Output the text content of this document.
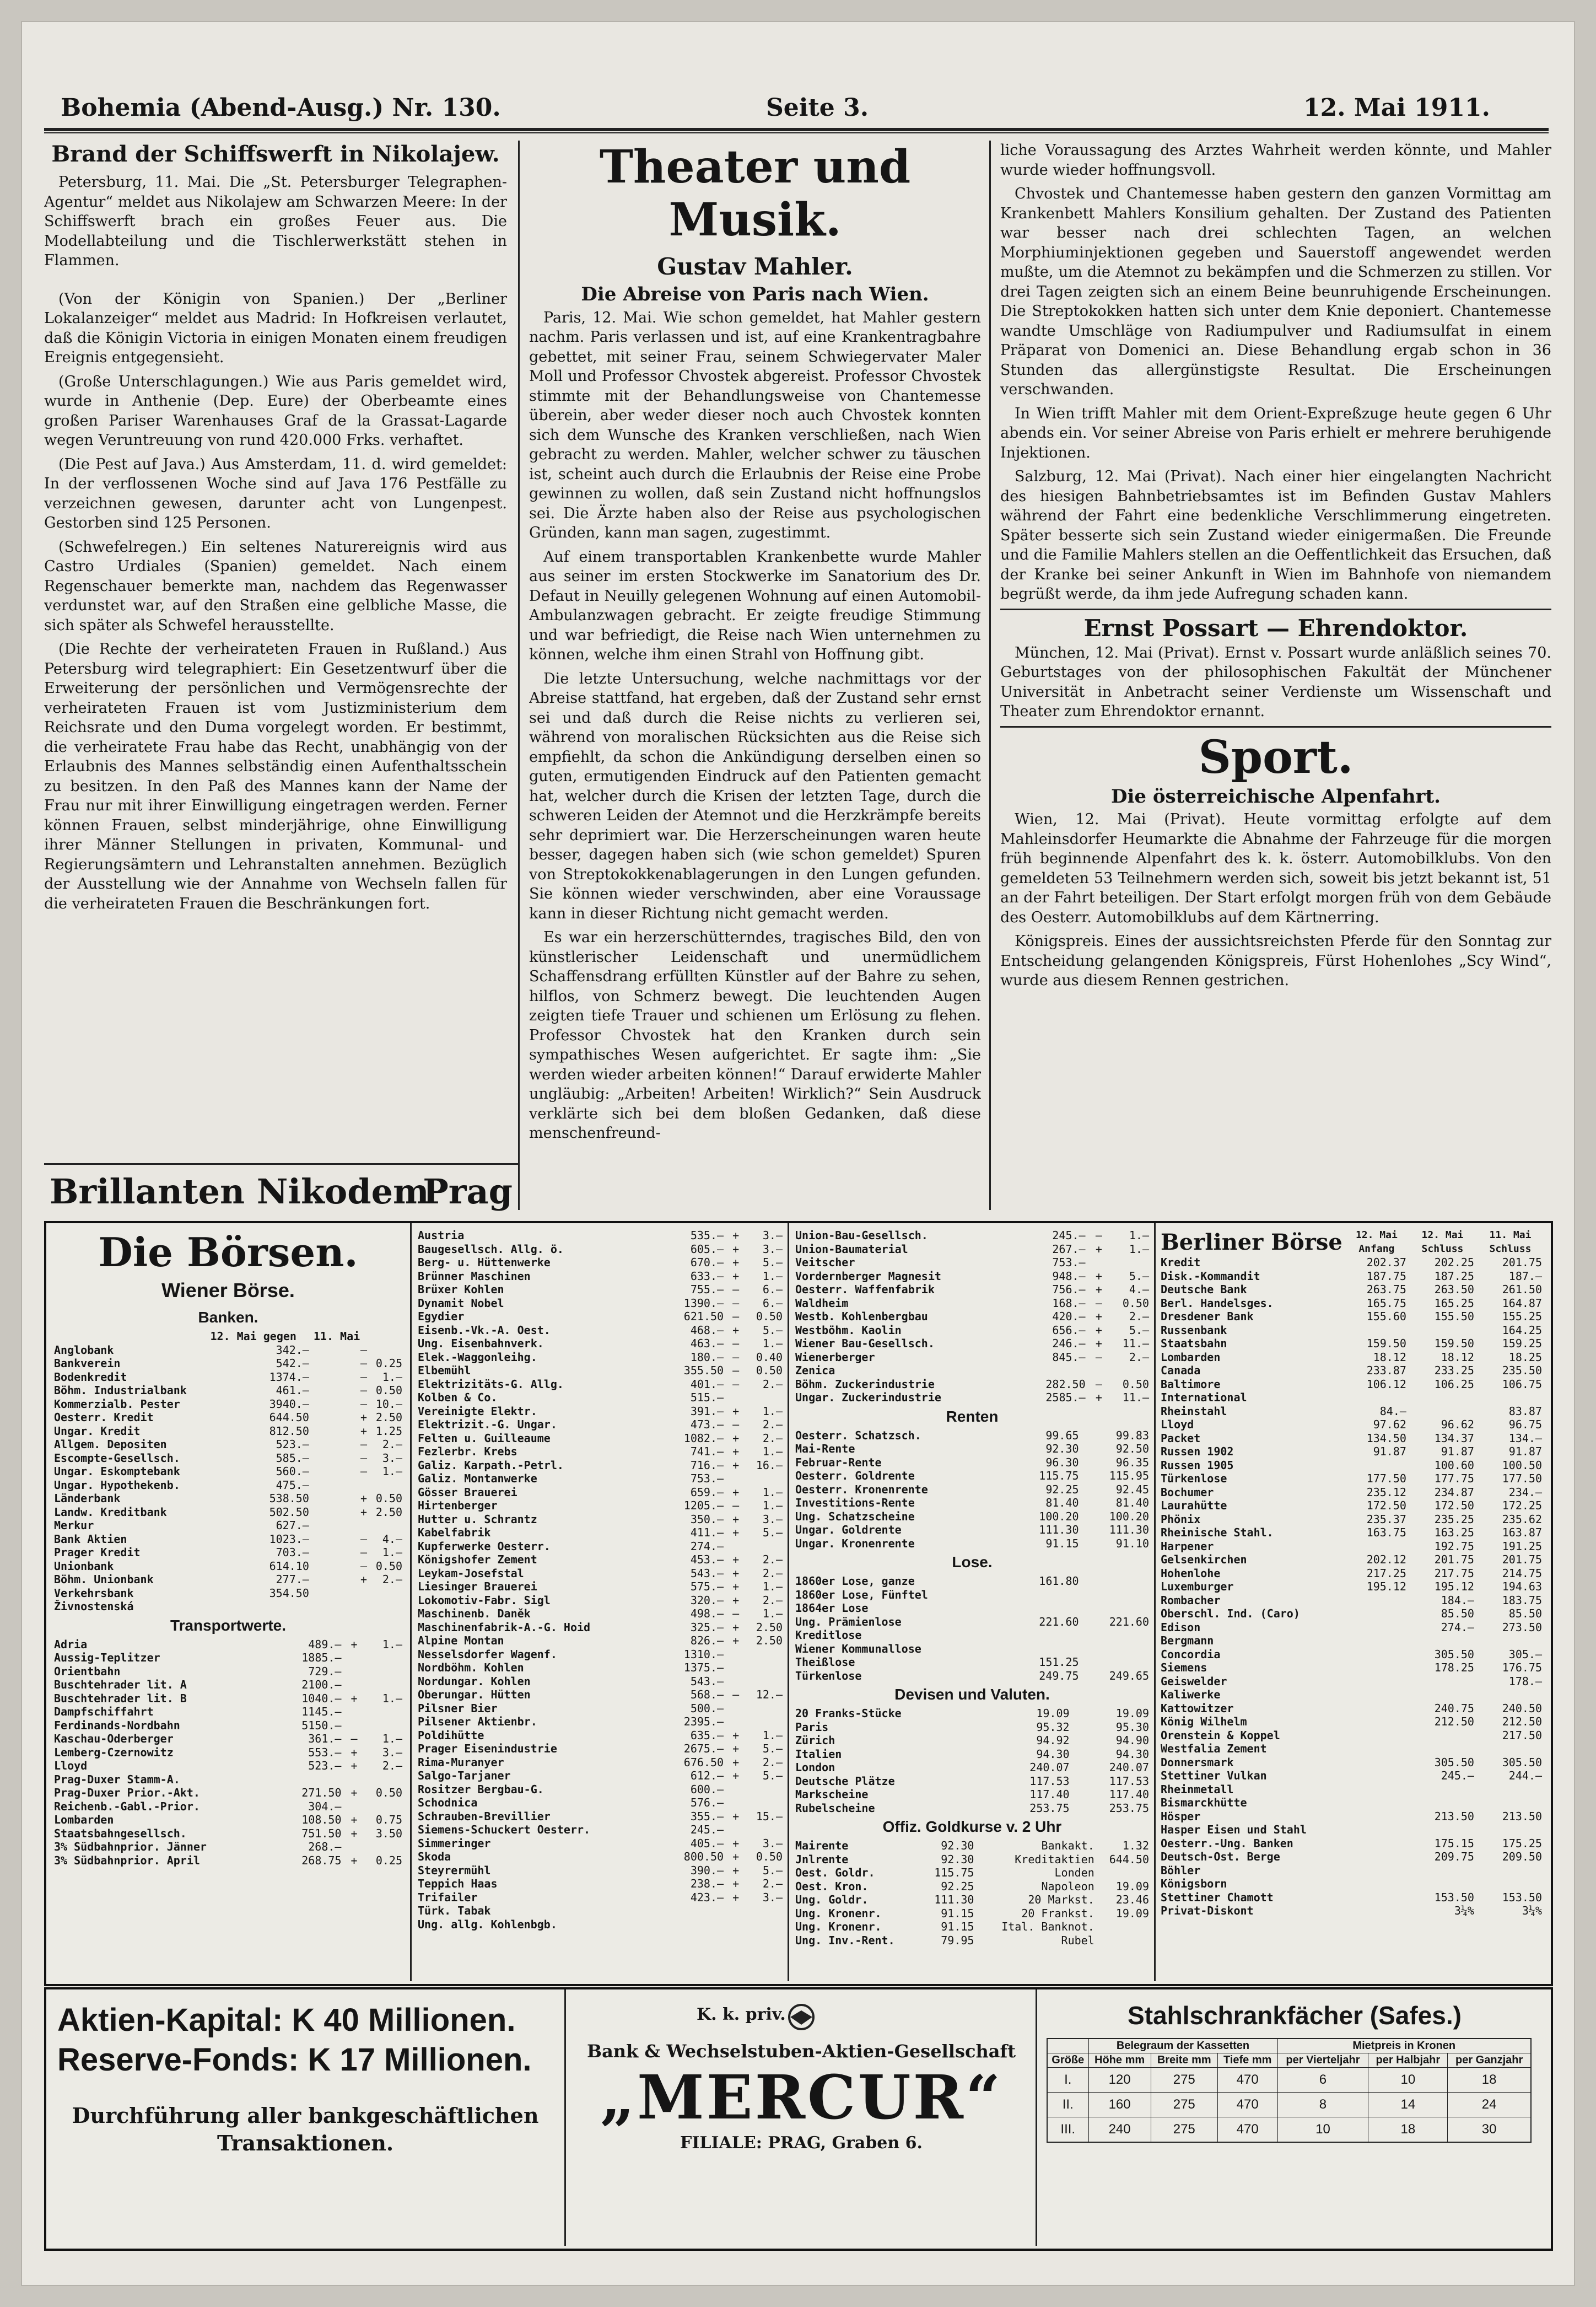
Bohemia (Abend-Ausg.) Nr. 130.	Seite 3.	12. Mai 1911.
Brand der Schiffswerft in Nikolajew.

Petersburg, 11. Mai. Die „St. Petersburger Telegraphen-Agentur“ meldet aus Nikolajew am Schwarzen Meere: In der Schiffswerft brach ein großes Feuer aus. Die Modellabteilung und die Tischlerwerkstätt stehen in Flammen.

(Von der Königin von Spanien.) Der „Berliner Lokalanzeiger“ meldet aus Madrid: In Hofkreisen verlautet, daß die Königin Victoria in einigen Monaten einem freudigen Ereignis entgegensieht.

(Große Unterschlagungen.) Wie aus Paris gemeldet wird, wurde in Anthenie (Dep. Eure) der Oberbeamte eines großen Pariser Warenhauses Graf de la Grassat-Lagarde wegen Veruntreuung von rund 420.000 Frks. verhaftet.

(Die Pest auf Java.) Aus Amsterdam, 11. d. wird gemeldet: In der verflossenen Woche sind auf Java 176 Pestfälle zu verzeichnen gewesen, darunter acht von Lungenpest. Gestorben sind 125 Personen.

(Schwefelregen.) Ein seltenes Naturereignis wird aus Castro Urdiales (Spanien) gemeldet. Nach einem Regenschauer bemerkte man, nachdem das Regenwasser verdunstet war, auf den Straßen eine gelbliche Masse, die sich später als Schwefel herausstellte.

(Die Rechte der verheirateten Frauen in Rußland.) Aus Petersburg wird telegraphiert: Ein Gesetzentwurf über die Erweiterung der persönlichen und Vermögensrechte der verheirateten Frauen ist vom Justizministerium dem Reichsrate und den Duma vorgelegt worden. Er bestimmt, die verheiratete Frau habe das Recht, unabhängig von der Erlaubnis des Mannes selbständig einen Aufenthaltsschein zu besitzen. In den Paß des Mannes kann der Name der Frau nur mit ihrer Einwilligung eingetragen werden. Ferner können Frauen, selbst minderjährige, ohne Einwilligung ihrer Männer Stellungen in privaten, Kommunal- und Regierungsämtern und Lehranstalten annehmen. Bezüglich der Ausstellung wie der Annahme von Wechseln fallen für die verheirateten Frauen die Beschränkungen fort.

Brillanten Nikodem
Prag
Theater und Musik.
Gustav Mahler.
Die Abreise von Paris nach Wien.

Paris, 12. Mai. Wie schon gemeldet, hat Mahler gestern nachm. Paris verlassen und ist, auf eine Krankentragbahre gebettet, mit seiner Frau, seinem Schwiegervater Maler Moll und Professor Chvostek abgereist. Professor Chvostek stimmte mit der Behandlungsweise von Chantemesse überein, aber weder dieser noch auch Chvostek konnten sich dem Wunsche des Kranken verschließen, nach Wien gebracht zu werden. Mahler, welcher schwer zu täuschen ist, scheint auch durch die Erlaubnis der Reise eine Probe gewinnen zu wollen, daß sein Zustand nicht hoffnungslos sei. Die Ärzte haben also der Reise aus psychologischen Gründen, kann man sagen, zugestimmt.

Auf einem transportablen Krankenbette wurde Mahler aus seiner im ersten Stockwerke im Sanatorium des Dr. Defaut in Neuilly gelegenen Wohnung auf einen Automobil-Ambulanzwagen gebracht. Er zeigte freudige Stimmung und war befriedigt, die Reise nach Wien unternehmen zu können, welche ihm einen Strahl von Hoffnung gibt.

Die letzte Untersuchung, welche nachmittags vor der Abreise stattfand, hat ergeben, daß der Zustand sehr ernst sei und daß durch die Reise nichts zu verlieren sei, während von moralischen Rücksichten aus die Reise sich empfiehlt, da schon die Ankündigung derselben einen so guten, ermutigenden Eindruck auf den Patienten gemacht hat, welcher durch die Krisen der letzten Tage, durch die schweren Leiden der Atemnot und die Herzkrämpfe bereits sehr deprimiert war. Die Herzerscheinungen waren heute besser, dagegen haben sich (wie schon gemeldet) Spuren von Streptokokkenablagerungen in den Lungen gefunden. Sie können wieder verschwinden, aber eine Voraussage kann in dieser Richtung nicht gemacht werden.

Es war ein herzerschütterndes, tragisches Bild, den von künstlerischer Leidenschaft und unermüdlichem Schaffensdrang erfüllten Künstler auf der Bahre zu sehen, hilflos, von Schmerz bewegt. Die leuchtenden Augen zeigten tiefe Trauer und schienen um Erlösung zu flehen. Professor Chvostek hat den Kranken durch sein sympathisches Wesen aufgerichtet. Er sagte ihm: „Sie werden wieder arbeiten können!“ Darauf erwiderte Mahler ungläubig: „Arbeiten! Arbeiten! Wirklich?“ Sein Ausdruck verklärte sich bei dem bloßen Gedanken, daß diese menschenfreund-

liche Voraussagung des Arztes Wahrheit werden könnte, und Mahler wurde wieder hoffnungsvoll.

Chvostek und Chantemesse haben gestern den ganzen Vormittag am Krankenbett Mahlers Konsilium gehalten. Der Zustand des Patienten war besser nach drei schlechten Tagen, an welchen Morphiuminjektionen gegeben und Sauerstoff angewendet werden mußte, um die Atemnot zu bekämpfen und die Schmerzen zu stillen. Vor drei Tagen zeigten sich an einem Beine beunruhigende Erscheinungen. Die Streptokokken hatten sich unter dem Knie deponiert. Chantemesse wandte Umschläge von Radiumpulver und Radiumsulfat in einem Präparat von Domenici an. Diese Behandlung ergab schon in 36 Stunden das allergünstigste Resultat. Die Erscheinungen verschwanden.

In Wien trifft Mahler mit dem Orient-Expreßzuge heute gegen 6 Uhr abends ein. Vor seiner Abreise von Paris erhielt er mehrere beruhigende Injektionen.

Salzburg, 12. Mai (Privat). Nach einer hier eingelangten Nachricht des hiesigen Bahnbetriebsamtes ist im Befinden Gustav Mahlers während der Fahrt eine bedenkliche Verschlimmerung eingetreten. Später besserte sich sein Zustand wieder einigermaßen. Die Freunde und die Familie Mahlers stellen an die Oeffentlichkeit das Ersuchen, daß der Kranke bei seiner Ankunft in Wien im Bahnhofe von niemandem begrüßt werde, da ihm jede Aufregung schaden kann.

Ernst Possart — Ehrendoktor.

München, 12. Mai (Privat). Ernst v. Possart wurde anläßlich seines 70. Geburtstages von der philosophischen Fakultät der Münchener Universität in Anbetracht seiner Verdienste um Wissenschaft und Theater zum Ehrendoktor ernannt.

Sport.
Die österreichische Alpenfahrt.

Wien, 12. Mai (Privat). Heute vormittag erfolgte auf dem Mahleinsdorfer Heumarkte die Abnahme der Fahrzeuge für die morgen früh beginnende Alpenfahrt des k. k. österr. Automobilklubs. Von den gemeldeten 53 Teilnehmern werden sich, soweit bis jetzt bekannt ist, 51 an der Fahrt beteiligen. Der Start erfolgt morgen früh von dem Gebäude des Oesterr. Automobilklubs auf dem Kärtnerring.

Königspreis. Eines der aussichtsreichsten Pferde für den Sonntag zur Entscheidung gelangenden Königspreis, Fürst Hohenlohes „Scy Wind“, wurde aus diesem Rennen gestrichen.

Die Börsen.
Wiener Börse.
Banken.
	12. Mai gegen	11. Mai	
Anglobank	342.—	—	
Bankverein	542.—	—	0.25
Bodenkredit	1374.—	—	1.—
Böhm. Industrialbank	461.—	—	0.50
Kommerzialb. Pester	3940.—	—	10.—
Oesterr. Kredit	644.50	+	2.50
Ungar. Kredit	812.50	+	1.25
Allgem. Depositen	523.—	—	2.—
Escompte-Gesellsch.	585.—	—	3.—
Ungar. Eskomptebank	560.—	—	1.—
Ungar. Hypothekenb.	475.—		
Länderbank	538.50	+	0.50
Landw. Kreditbank	502.50	+	2.50
Merkur	627.—		
Bank Aktien	1023.—	—	4.—
Prager Kredit	703.—	—	1.—
Unionbank	614.10	—	0.50
Böhm. Unionbank	277.—	+	2.—
Verkehrsbank	354.50		
Živnostenská			
Transportwerte.
Adria	489.—	+	1.—
Aussig-Teplitzer	1885.—		
Orientbahn	729.—		
Buschtehrader lit. A	2100.—		
Buschtehrader lit. B	1040.—	+	1.—
Dampfschiffahrt	1145.—		
Ferdinands-Nordbahn	5150.—		
Kaschau-Oderberger	361.—	—	1.—
Lemberg-Czernowitz	553.—	+	3.—
Lloyd	523.—	+	2.—
Prag-Duxer Stamm-A.			
Prag-Duxer Prior.-Akt.	271.50	+	0.50
Reichenb.-Gabl.-Prior.	304.—		
Lombarden	108.50	+	0.75
Staatsbahngesellsch.	751.50	+	3.50
3% Südbahnprior. Jänner	268.—		
3% Südbahnprior. April	268.75	+	0.25
Austria	535.—	+	3.—
Baugesellsch. Allg. ö.	605.—	+	3.—
Berg- u. Hüttenwerke	670.—	+	5.—
Brünner Maschinen	633.—	+	1.—
Brüxer Kohlen	755.—	—	6.—
Dynamit Nobel	1390.—	—	6.—
Egydier	621.50	—	0.50
Eisenb.-Vk.-A. Oest.	468.—	+	5.—
Ung. Eisenbahnverk.	463.—	—	1.—
Elek.-Waggonleihg.	180.—	—	0.40
Elbemühl	355.50	—	0.50
Elektrizitäts-G. Allg.	401.—	—	2.—
Kolben & Co.	515.—		
Vereinigte Elektr.	391.—	+	1.—
Elektrizit.-G. Ungar.	473.—	—	2.—
Felten u. Guilleaume	1082.—	+	2.—
Fezlerbr. Krebs	741.—	+	1.—
Galiz. Karpath.-Petrl.	716.—	+	16.—
Galiz. Montanwerke	753.—		
Gösser Brauerei	659.—	+	1.—
Hirtenberger	1205.—	—	1.—
Hutter u. Schrantz	350.—	+	3.—
Kabelfabrik	411.—	+	5.—
Kupferwerke Oesterr.	274.—		
Königshofer Zement	453.—	+	2.—
Leykam-Josefstal	543.—	+	2.—
Liesinger Brauerei	575.—	+	1.—
Lokomotiv-Fabr. Sigl	320.—	+	2.—
Maschinenb. Daněk	498.—	—	1.—
Maschinenfabrik-A.-G. Hoid	325.—	+	2.50
Alpine Montan	826.—	+	2.50
Nesselsdorfer Wagenf.	1310.—		
Nordböhm. Kohlen	1375.—		
Nordungar. Kohlen	543.—		
Oberungar. Hütten	568.—	—	12.—
Pilsner Bier	500.—		
Pilsener Aktienbr.	2395.—		
Poldihütte	635.—	+	1.—
Prager Eisenindustrie	2675.—	+	5.—
Rima-Muranyer	676.50	+	2.—
Salgo-Tarjaner	612.—	+	5.—
Rositzer Bergbau-G.	600.—		
Schodnica	576.—		
Schrauben-Brevillier	355.—	+	15.—
Siemens-Schuckert Oesterr.	245.—		
Simmeringer	405.—	+	3.—
Skoda	800.50	+	0.50
Steyrermühl	390.—	+	5.—
Teppich Haas	238.—	+	2.—
Trifailer	423.—	+	3.—
Türk. Tabak			
Ung. allg. Kohlenbgb.			
Union-Bau-Gesellsch.	245.—	—	1.—
Union-Baumaterial	267.—	+	1.—
Veitscher	753.—		
Vordernberger Magnesit	948.—	+	5.—
Oesterr. Waffenfabrik	756.—	+	4.—
Waldheim	168.—	—	0.50
Westb. Kohlenbergbau	420.—	+	2.—
Westböhm. Kaolin	656.—	+	5.—
Wiener Bau-Gesellsch.	246.—	+	11.—
Wienerberger	845.—	—	2.—
Zenica			
Böhm. Zuckerindustrie	282.50	—	0.50
Ungar. Zuckerindustrie	2585.—	+	11.—
Renten
Oesterr. Schatzsch.	99.65	99.83
Mai-Rente	92.30	92.50
Februar-Rente	96.30	96.35
Oesterr. Goldrente	115.75	115.95
Oesterr. Kronenrente	92.25	92.45
Investitions-Rente	81.40	81.40
Ung. Schatzscheine	100.20	100.20
Ungar. Goldrente	111.30	111.30
Ungar. Kronenrente	91.15	91.10
Lose.
1860er Lose, ganze	161.80	
1860er Lose, Fünftel		
1864er Lose		
Ung. Prämienlose	221.60	221.60
Kreditlose		
Wiener Kommunallose		
Theißlose	151.25	
Türkenlose	249.75	249.65
Devisen und Valuten.
20 Franks-Stücke	19.09	19.09
Paris	95.32	95.30
Zürich	94.92	94.90
Italien	94.30	94.30
London	240.07	240.07
Deutsche Plätze	117.53	117.53
Markscheine	117.40	117.40
Rubelscheine	253.75	253.75
Offiz. Goldkurse v. 2 Uhr
Mairente	92.30	Bankakt.	1.32
Jnlrente	92.30	Kreditaktien	644.50
Oest. Goldr.	115.75	Londen	
Oest. Kron.	92.25	Napoleon	19.09
Ung. Goldr.	111.30	20 Markst.	23.46
Ung. Kronenr.	91.15	20 Frankst.	19.09
Ung. Kronenr.	91.15	Ital. Banknot.	
Ung. Inv.-Rent.	79.95	Rubel	
Berliner Börse	12. Mai Anfang	12. Mai Schluss	11. Mai Schluss
Kredit	202.37	202.25	201.75
Disk.-Kommandit	187.75	187.25	187.—
Deutsche Bank	263.75	263.50	261.50
Berl. Handelsges.	165.75	165.25	164.87
Dresdener Bank	155.60	155.50	155.25
Russenbank			164.25
Staatsbahn	159.50	159.50	159.25
Lombarden	18.12	18.12	18.25
Canada	233.87	233.25	235.50
Baltimore	106.12	106.25	106.75
International			
Rheinstahl	84.—		83.87
Lloyd	97.62	96.62	96.75
Packet	134.50	134.37	134.—
Russen 1902	91.87	91.87	91.87
Russen 1905		100.60	100.50
Türkenlose	177.50	177.75	177.50
Bochumer	235.12	234.87	234.—
Laurahütte	172.50	172.50	172.25
Phönix	235.37	235.25	235.62
Rheinische Stahl.	163.75	163.25	163.87
Harpener		192.75	191.25
Gelsenkirchen	202.12	201.75	201.75
Hohenlohe	217.25	217.75	214.75
Luxemburger	195.12	195.12	194.63
Rombacher		184.—	183.75
Oberschl. Ind. (Caro)		85.50	85.50
Edison		274.—	273.50
Bergmann			
Concordia		305.50	305.—
Siemens		178.25	176.75
Geiswelder			178.—
Kaliwerke			
Kattowitzer		240.75	240.50
König Wilhelm		212.50	212.50
Orenstein & Koppel			217.50
Westfalia Zement			
Donnersmark		305.50	305.50
Stettiner Vulkan		245.—	244.—
Rheinmetall			
Bismarckhütte			
Hösper		213.50	213.50
Hasper Eisen und Stahl			
Oesterr.-Ung. Banken		175.15	175.25
Deutsch-Ost. Berge		209.75	209.50
Böhler			
Königsborn			
Stettiner Chamott		153.50	153.50
Privat-Diskont		3¼%	3¼%
Aktien-Kapital: K 40 Millionen.
Reserve-Fonds: K 17 Millionen.
Durchführung aller bankgeschäftlichen Transaktionen.
K. k. priv.
Bank & Wechselstuben-Aktien-Gesellschaft
„MERCUR“
FILIALE: PRAG, Graben 6.
Stahlschrankfächer (Safes.)
	Belegraum der Kassetten			Mietpreis in Kronen		
Größe	Höhe mm	Breite mm	Tiefe mm	per Vierteljahr	per Halbjahr	per Ganzjahr
I.	120	275	470	6	10	18
II.	160	275	470	8	14	24
III.	240	275	470	10	18	30
